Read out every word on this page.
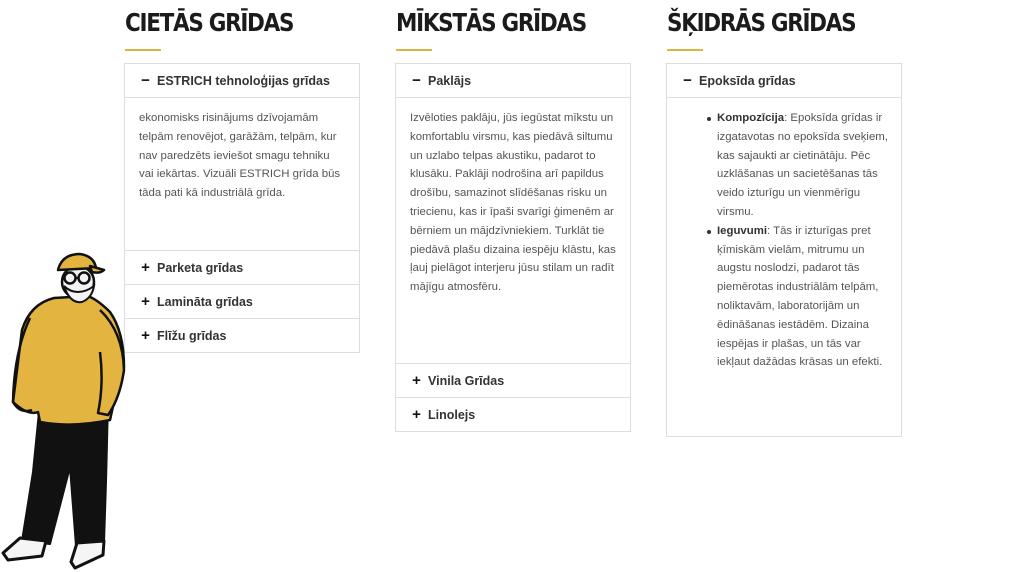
CIETĀS GRĪDAS
− ESTRICH tehnoloģijas grīdas
ekonomisks risinājums dzīvojamām telpām renovējot, garāžām, telpām, kur nav paredzēts ieviešot smagu tehniku vai iekārtas. Vizuāli ESTRICH grīda būs tāda pati kā industriālā grīda.
+ Parketa grīdas
+ Lamināta grīdas
+ Flīžu grīdas
MĪKSTĀS GRĪDAS
− Paklājs
Izvēloties paklāju, jūs iegūstat mīkstu un komfortablu virsmu, kas piedāvā siltumu un uzlabo telpas akustiku, padarot to klusāku. Paklāji nodrošina arī papildus drošību, samazinot slīdēšanas risku un triecienu, kas ir īpaši svarīgi ģimenēm ar bērniem un mājdzīvniekiem. Turklāt tie piedāvā plašu dizaina iespēju klāstu, kas ļauj pielāgot interjeru jūsu stilam un radīt mājīgu atmosfēru.
+ Vinila Grīdas
+ Linolejs
ŠĶIDRĀS GRĪDAS
− Epoksīda grīdas
Kompozīcija: Epoksīda grīdas ir izgatavotas no epoksīda sveķiem, kas sajaukti ar cietinātāju. Pēc uzklāšanas un sacietēšanas tās veido izturīgu un vienmērīgu virsmu.
Ieguvumi: Tās ir izturīgas pret ķīmiskām vielām, mitrumu un augstu noslodzi, padarot tās piemērotas industriālām telpām, noliktavām, laboratorijām un ēdināšanas iestādēm. Dizaina iespējas ir plašas, un tās var iekļaut dažādas krāsas un efekti.
